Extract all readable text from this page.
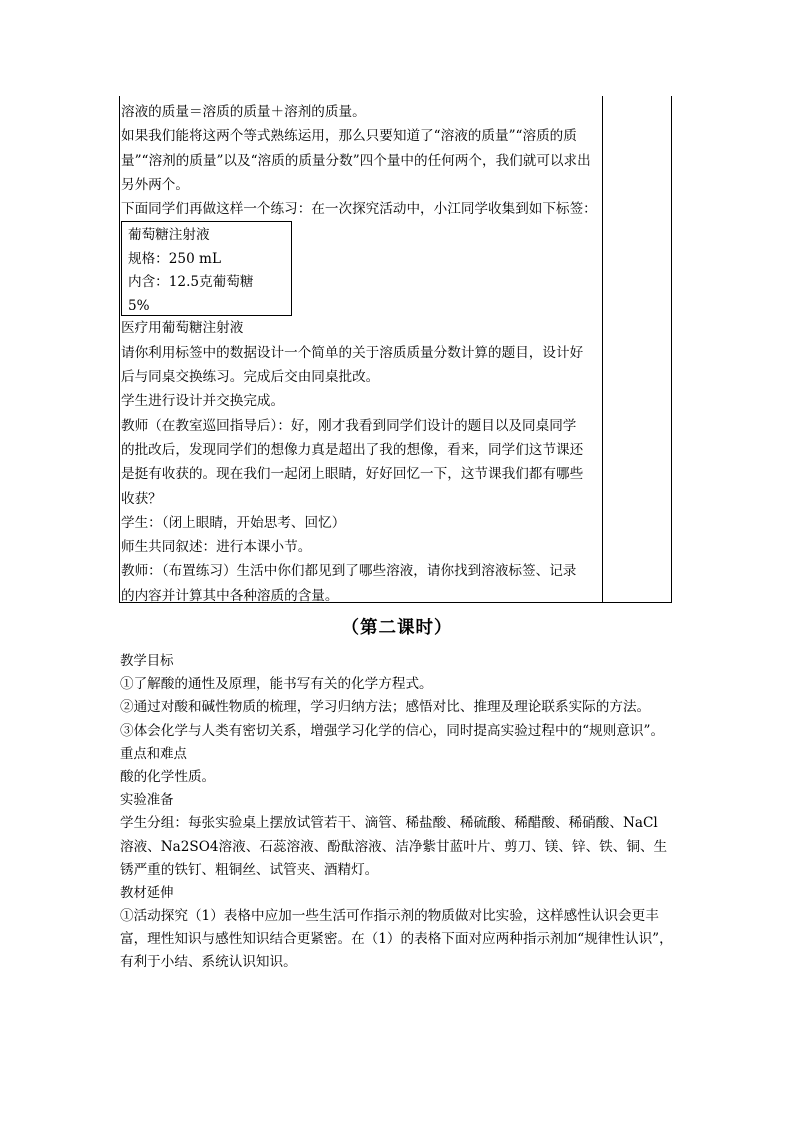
溶液的质量＝溶质的质量＋溶剂的质量。
如果我们能将这两个等式熟练运用，那么只要知道了“溶液的质量”“溶质的质
量”“溶剂的质量”以及“溶质的质量分数”四个量中的任何两个，我们就可以求出
另外两个。
下面同学们再做这样一个练习：在一次探究活动中，小江同学收集到如下标签：
葡萄糖注射液
规格：250 mL
内含：12.5克葡萄糖
5%
医疗用葡萄糖注射液
请你利用标签中的数据设计一个简单的关于溶质质量分数计算的题目，设计好
后与同桌交换练习。完成后交由同桌批改。
学生进行设计并交换完成。
教师（在教室巡回指导后）：好，刚才我看到同学们设计的题目以及同桌同学
的批改后，发现同学们的想像力真是超出了我的想像，看来，同学们这节课还
是挺有收获的。现在我们一起闭上眼睛，好好回忆一下，这节课我们都有哪些
收获？
学生：（闭上眼睛，开始思考、回忆）
师生共同叙述：进行本课小节。
教师：（布置练习）生活中你们都见到了哪些溶液，请你找到溶液标签、记录
的内容并计算其中各种溶质的含量。
（第二课时）
教学目标
①了解酸的通性及原理，能书写有关的化学方程式。
②通过对酸和碱性物质的梳理，学习归纳方法；感悟对比、推理及理论联系实际的方法。
③体会化学与人类有密切关系，增强学习化学的信心，同时提高实验过程中的“规则意识”。
重点和难点
酸的化学性质。
实验准备
学生分组：每张实验桌上摆放试管若干、滴管、稀盐酸、稀硫酸、稀醋酸、稀硝酸、NaCl
溶液、Na2SO4溶液、石蕊溶液、酚酞溶液、洁净紫甘蓝叶片、剪刀、镁、锌、铁、铜、生
锈严重的铁钉、粗铜丝、试管夹、酒精灯。
教材延伸
①活动探究（1）表格中应加一些生活可作指示剂的物质做对比实验，这样感性认识会更丰
富，理性知识与感性知识结合更紧密。在（1）的表格下面对应两种指示剂加“规律性认识”，
有利于小结、系统认识知识。
